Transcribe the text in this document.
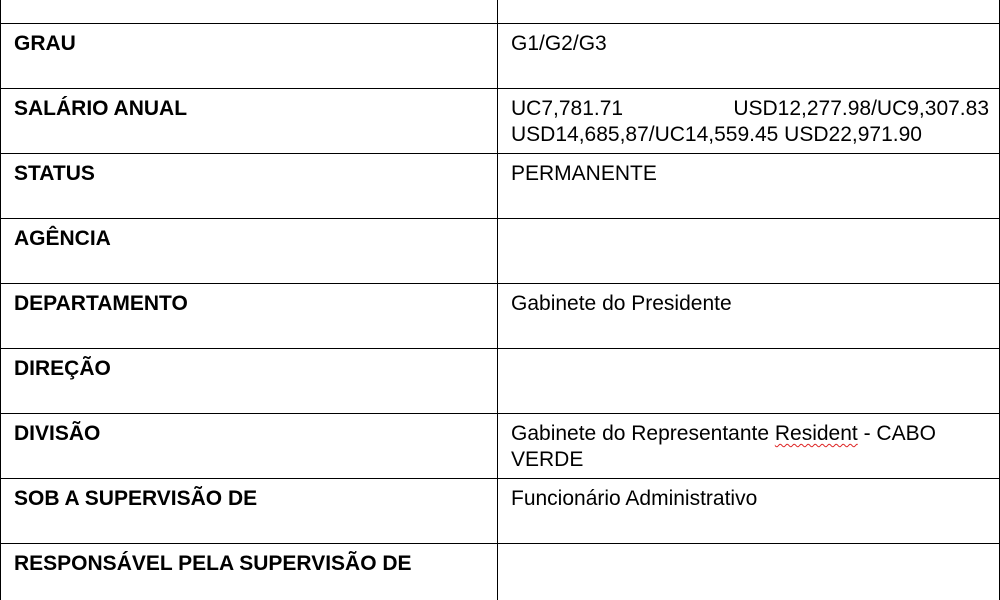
GRAU	G1/G2/G3
SALÁRIO ANUAL	UC7,781.71 USD12,277.98/UC9,307.83
USD14,685,87/UC14,559.45 USD22,971.90

STATUS	PERMANENTE
AGÊNCIA	
DEPARTAMENTO	Gabinete do Presidente
DIREÇÃO	
DIVISÃO	Gabinete do Representante Resident - CABO VERDE
SOB A SUPERVISÃO DE	Funcionário Administrativo
RESPONSÁVEL PELA SUPERVISÃO DE	
